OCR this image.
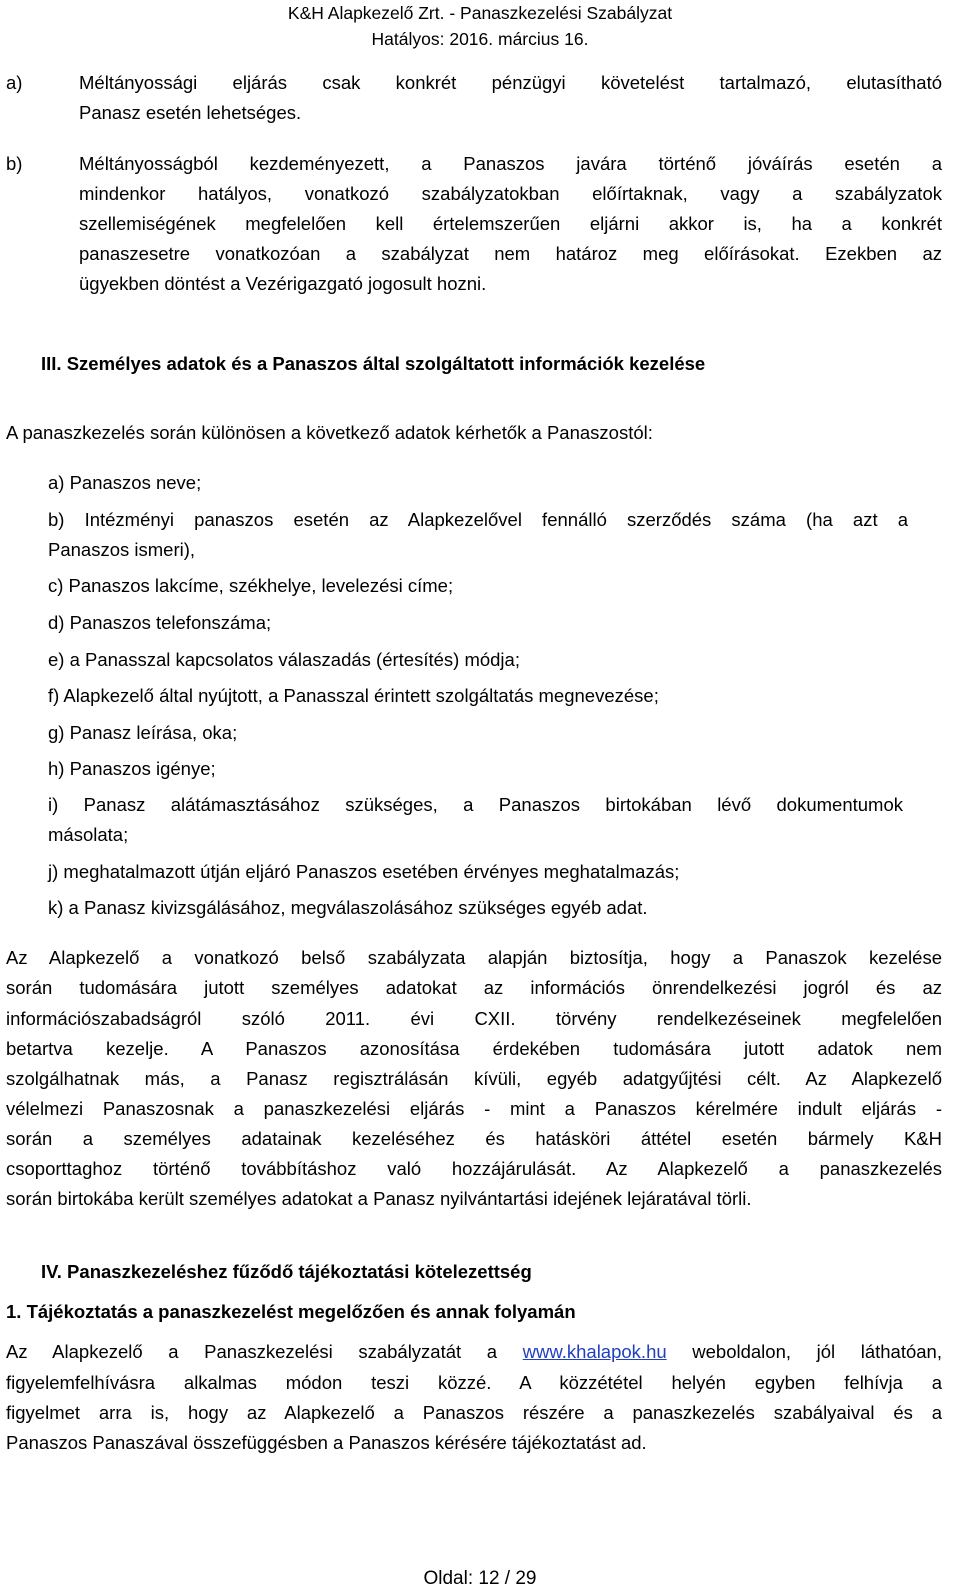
K&H Alapkezelő Zrt. - Panaszkezelési Szabályzat
Hatályos: 2016. március 16.
a)	Méltányossági eljárás csak konkrét pénzügyi követelést tartalmazó, elutasítható
Panasz esetén lehetséges.
b)	Méltányosságból kezdeményezett, a Panaszos javára történő jóváírás esetén a
mindenkor hatályos, vonatkozó szabályzatokban előírtaknak, vagy a szabályzatok
szellemiségének megfelelően kell értelemszerűen eljárni akkor is, ha a konkrét
panaszesetre vonatkozóan a szabályzat nem határoz meg előírásokat. Ezekben az
ügyekben döntést a Vezérigazgató jogosult hozni.
III. Személyes adatok és a Panaszos által szolgáltatott információk kezelése
A panaszkezelés során különösen a következő adatok kérhetők a Panaszostól:
a) Panaszos neve;
b) Intézményi panaszos esetén az Alapkezelővel fennálló szerződés száma (ha azt a
Panaszos ismeri),
c) Panaszos lakcíme, székhelye, levelezési címe;
d) Panaszos telefonszáma;
e) a Panasszal kapcsolatos válaszadás (értesítés) módja;
f) Alapkezelő által nyújtott, a Panasszal érintett szolgáltatás megnevezése;
g) Panasz leírása, oka;
h) Panaszos igénye;
i) Panasz alátámasztásához szükséges, a Panaszos birtokában lévő dokumentumok
másolata;
j) meghatalmazott útján eljáró Panaszos esetében érvényes meghatalmazás;
k) a Panasz kivizsgálásához, megválaszolásához szükséges egyéb adat.
Az Alapkezelő a vonatkozó belső szabályzata alapján biztosítja, hogy a Panaszok kezelése
során tudomására jutott személyes adatokat az információs önrendelkezési jogról és az
információszabadságról szóló 2011. évi CXII. törvény rendelkezéseinek megfelelően
betartva kezelje. A Panaszos azonosítása érdekében tudomására jutott adatok nem
szolgálhatnak más, a Panasz regisztrálásán kívüli, egyéb adatgyűjtési célt. Az Alapkezelő
vélelmezi Panaszosnak a panaszkezelési eljárás - mint a Panaszos kérelmére indult eljárás -
során a személyes adatainak kezeléséhez és hatásköri áttétel esetén bármely K&H
csoporttaghoz történő továbbításhoz való hozzájárulását. Az Alapkezelő a panaszkezelés
során birtokába került személyes adatokat a Panasz nyilvántartási idejének lejáratával törli.
IV. Panaszkezeléshez fűződő tájékoztatási kötelezettség
1. Tájékoztatás a panaszkezelést megelőzően és annak folyamán
Az Alapkezelő a Panaszkezelési szabályzatát a www.khalapok.hu weboldalon, jól láthatóan,
figyelemfelhívásra alkalmas módon teszi közzé. A közzététel helyén egyben felhívja a
figyelmet arra is, hogy az Alapkezelő a Panaszos részére a panaszkezelés szabályaival és a
Panaszos Panaszával összefüggésben a Panaszos kérésére tájékoztatást ad.
Oldal: 12 / 29
